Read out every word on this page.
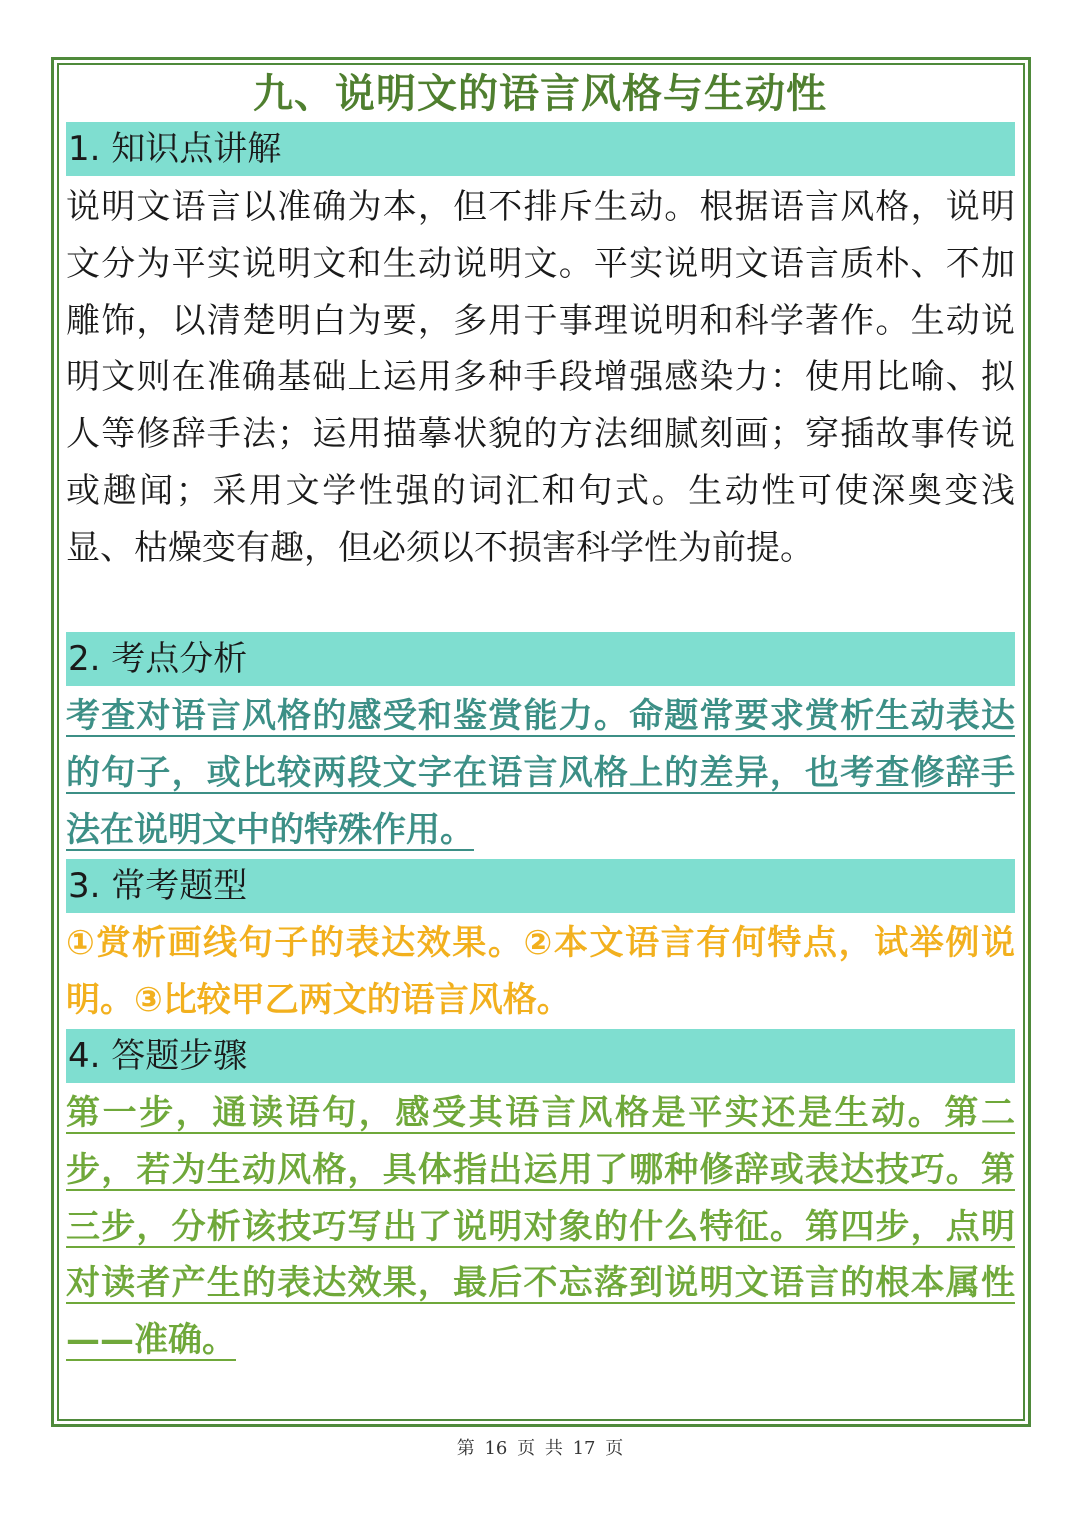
九、说明文的语言风格与生动性
1. 知识点讲解

说明文语言以准确为本，但不排斥生动。根据语言风格，说明文分为平实说明文和生动说明文。平实说明文语言质朴、不加雕饰，以清楚明白为要，多用于事理说明和科学著作。生动说明文则在准确基础上运用多种手段增强感染力：使用比喻、拟人等修辞手法；运用描摹状貌的方法细腻刻画；穿插故事传说或趣闻；采用文学性强的词汇和句式。生动性可使深奥变浅显、枯燥变有趣，但必须以不损害科学性为前提。

2. 考点分析

考查对语言风格的感受和鉴赏能力。命题常要求赏析生动表达的句子，或比较两段文字在语言风格上的差异，也考查修辞手法在说明文中的特殊作用。

3. 常考题型

①赏析画线句子的表达效果。②本文语言有何特点，试举例说明。③比较甲乙两文的语言风格。

4. 答题步骤

第一步，通读语句，感受其语言风格是平实还是生动。第二步，若为生动风格，具体指出运用了哪种修辞或表达技巧。第三步，分析该技巧写出了说明对象的什么特征。第四步，点明对读者产生的表达效果，最后不忘落到说明文语言的根本属性——准确。

第 16 页 共 17 页
